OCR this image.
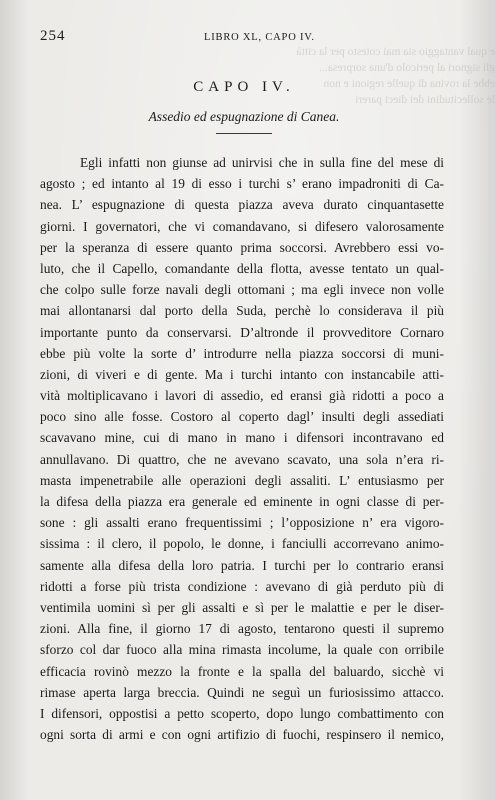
e qual vantaggio sia mai cotesto per la città
gli signori al pericolo d'una sorpresa...
ebbe la rovina di quelle regioni e non
le sollecitudini dei dieci pareri
254	LIBRO XL, CAPO IV.
CAPO IV.
Assedio ed espugnazione di Canea.
Egli infatti non giunse ad unirvisi che in sulla fine del mese di
agosto ; ed intanto al 19 di esso i turchi s’ erano impadroniti di Ca-
nea. L’ espugnazione di questa piazza aveva durato cinquantasette
giorni. I governatori, che vi comandavano, si difesero valorosamente
per la speranza di essere quanto prima soccorsi. Avrebbero essi vo-
luto, che il Capello, comandante della flotta, avesse tentato un qual-
che colpo sulle forze navali degli ottomani ; ma egli invece non volle
mai allontanarsi dal porto della Suda, perchè lo considerava il più
importante punto da conservarsi. D’altronde il provveditore Cornaro
ebbe più volte la sorte d’ introdurre nella piazza soccorsi di muni-
zioni, di viveri e di gente. Ma i turchi intanto con instancabile atti-
vità moltiplicavano i lavori di assedio, ed eransi già ridotti a poco a
poco sino alle fosse. Costoro al coperto dagl’ insulti degli assediati
scavavano mine, cui di mano in mano i difensori incontravano ed
annullavano. Di quattro, che ne avevano scavato, una sola n’era ri-
masta impenetrabile alle operazioni degli assaliti. L’ entusiasmo per
la difesa della piazza era generale ed eminente in ogni classe di per-
sone : gli assalti erano frequentissimi ; l’opposizione n’ era vigoro-
sissima : il clero, il popolo, le donne, i fanciulli accorrevano animo-
samente alla difesa della loro patria. I turchi per lo contrario eransi
ridotti a forse più trista condizione : avevano di già perduto più di
ventimila uomini sì per gli assalti e sì per le malattie e per le diser-
zioni. Alla fine, il giorno 17 di agosto, tentarono questi il supremo
sforzo col dar fuoco alla mina rimasta incolume, la quale con orribile
efficacia rovinò mezzo la fronte e la spalla del baluardo, sicchè vi
rimase aperta larga breccia. Quindi ne seguì un furiosissimo attacco.
I difensori, oppostisi a petto scoperto, dopo lungo combattimento con
ogni sorta di armi e con ogni artifizio di fuochi, respinsero il nemico,
